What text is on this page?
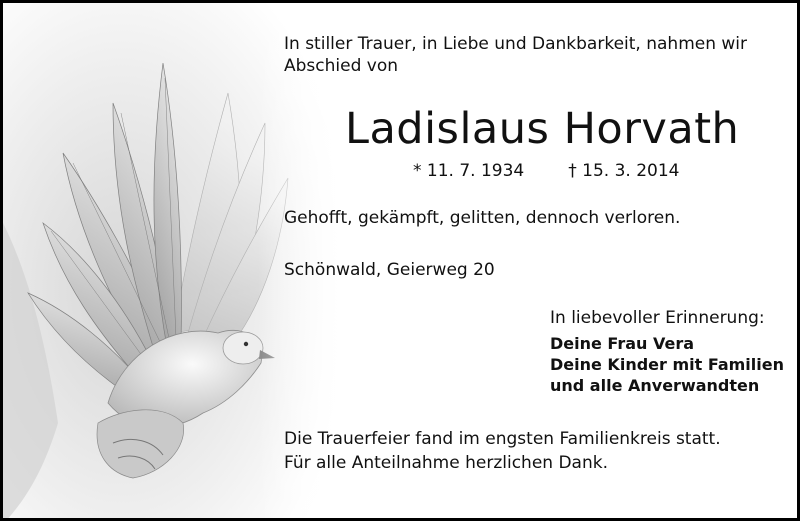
In stiller Trauer, in Liebe und Dankbarkeit, nahmen wir
Abschied von
Ladislaus Horvath
* 11. 7. 1934	† 15. 3. 2014
Gehofft, gekämpft, gelitten, dennoch verloren.
Schönwald, Geierweg 20
In liebevoller Erinnerung:
Deine Frau Vera
Deine Kinder mit Familien
und alle Anverwandten
Die Trauerfeier fand im engsten Familienkreis statt.
Für alle Anteilnahme herzlichen Dank.
